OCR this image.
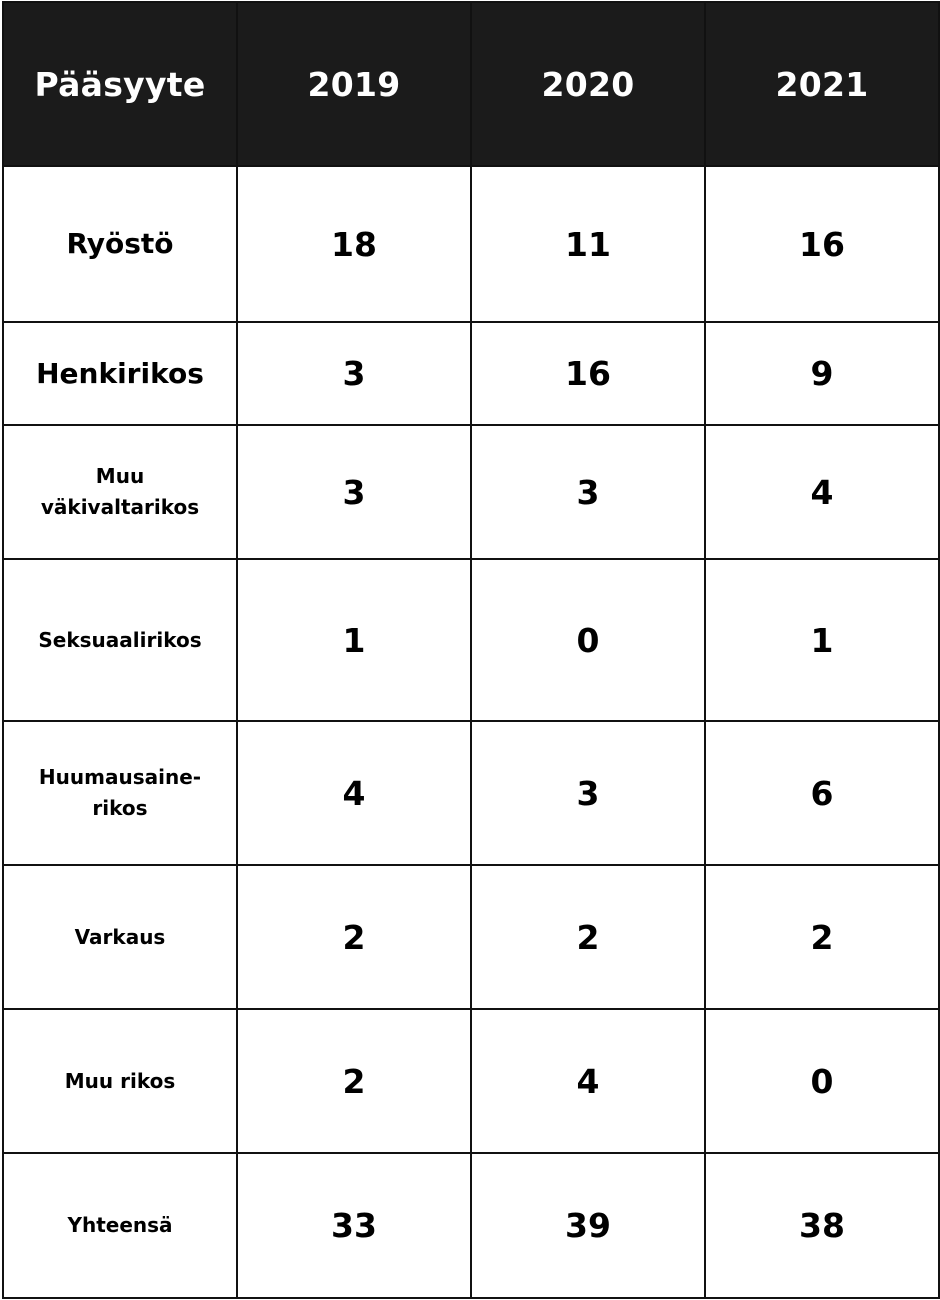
Pääsyyte	2019	2020	2021
Ryöstö	18	11	16
Henkirikos	3	16	9
Muu
väkivaltarikos	3	3	4
Seksuaalirikos	1	0	1
Huumausaine-
rikos	4	3	6
Varkaus	2	2	2
Muu rikos	2	4	0
Yhteensä	33	39	38
